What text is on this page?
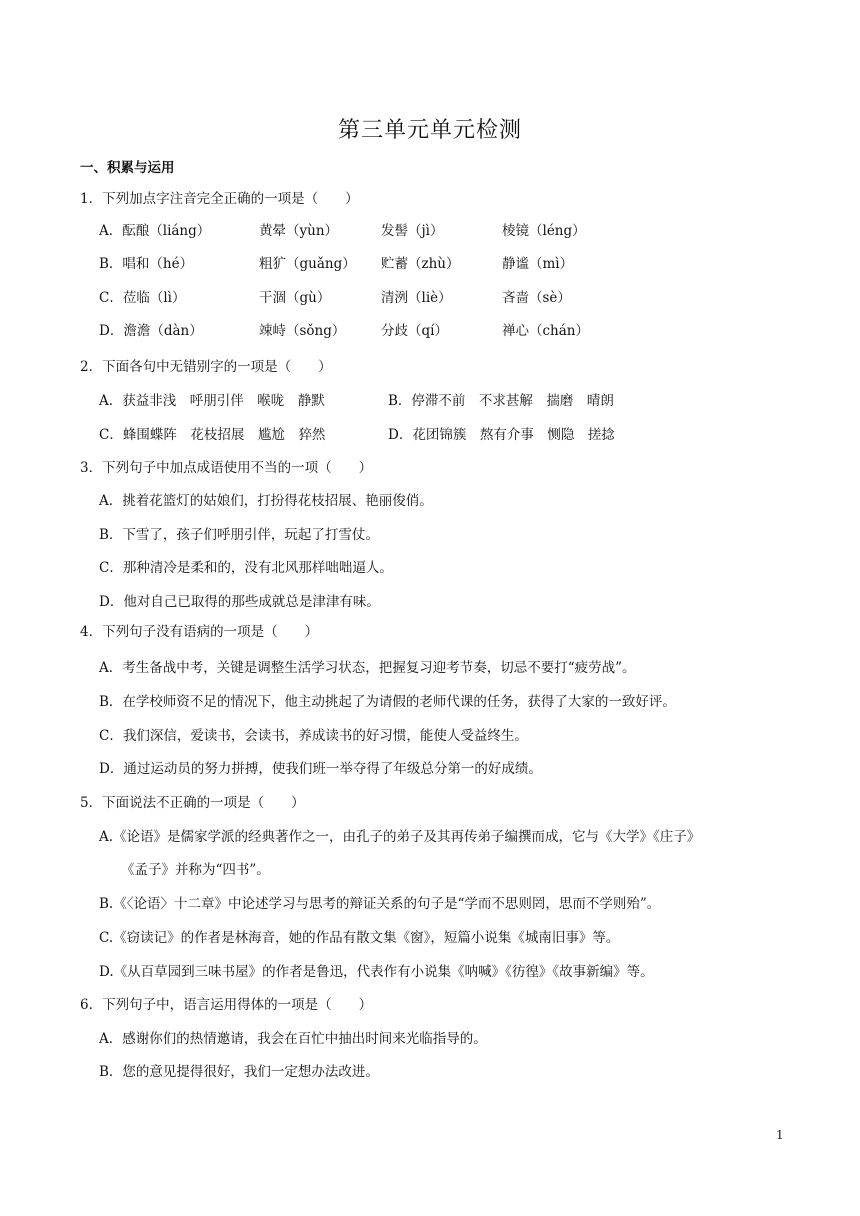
第三单元单元检测
一、积累与运用
1．下列加点字注音完全正确的一项是（　　）
A．酝酿（liáng）	黄晕（yùn）	发髻（jì）	棱镜（léng）
B．唱和（hé）	粗犷（guǎng） 贮蓄（zhù）	静谧（mì）
C．莅临（lì）	干涸（gù）	清洌（liè）	吝啬（sè）
D．澹澹（dàn）	竦峙（sǒng）	分歧（qí）	禅心（chán）
2．下面各句中无错别字的一项是（　　）
A．获益非浅　呼朋引伴　喉咙　静默	B．停滞不前　不求甚解　揣磨　晴朗
C．蜂围蝶阵　花枝招展　尴尬　猝然	D．花团锦簇　熬有介事　恻隐　搓捻
3．下列句子中加点成语使用不当的一项（　　）
A．挑着花篮灯的姑娘们，打扮得花枝招展、艳丽俊俏。
B．下雪了，孩子们呼朋引伴，玩起了打雪仗。
C．那种清冷是柔和的，没有北风那样咄咄逼人。
D．他对自己已取得的那些成就总是津津有味。
4．下列句子没有语病的一项是（　　）
A．考生备战中考，关键是调整生活学习状态，把握复习迎考节奏，切忌不要打“疲劳战”。
B．在学校师资不足的情况下，他主动挑起了为请假的老师代课的任务，获得了大家的一致好评。
C．我们深信，爱读书，会读书，养成读书的好习惯，能使人受益终生。
D．通过运动员的努力拼搏，使我们班一举夺得了年级总分第一的好成绩。
5．下面说法不正确的一项是（　　）
A.《论语》是儒家学派的经典著作之一，由孔子的弟子及其再传弟子编撰而成，它与《大学》《庄子》
《孟子》并称为“四书”。
B.《〈论语〉十二章》中论述学习与思考的辩证关系的句子是“学而不思则罔，思而不学则殆”。
C.《窃读记》的作者是林海音，她的作品有散文集《窗》，短篇小说集《城南旧事》等。
D.《从百草园到三味书屋》的作者是鲁迅，代表作有小说集《呐喊》《彷徨》《故事新编》等。
6．下列句子中，语言运用得体的一项是（　　）
A．感谢你们的热情邀请，我会在百忙中抽出时间来光临指导的。
B．您的意见提得很好，我们一定想办法改进。
1
